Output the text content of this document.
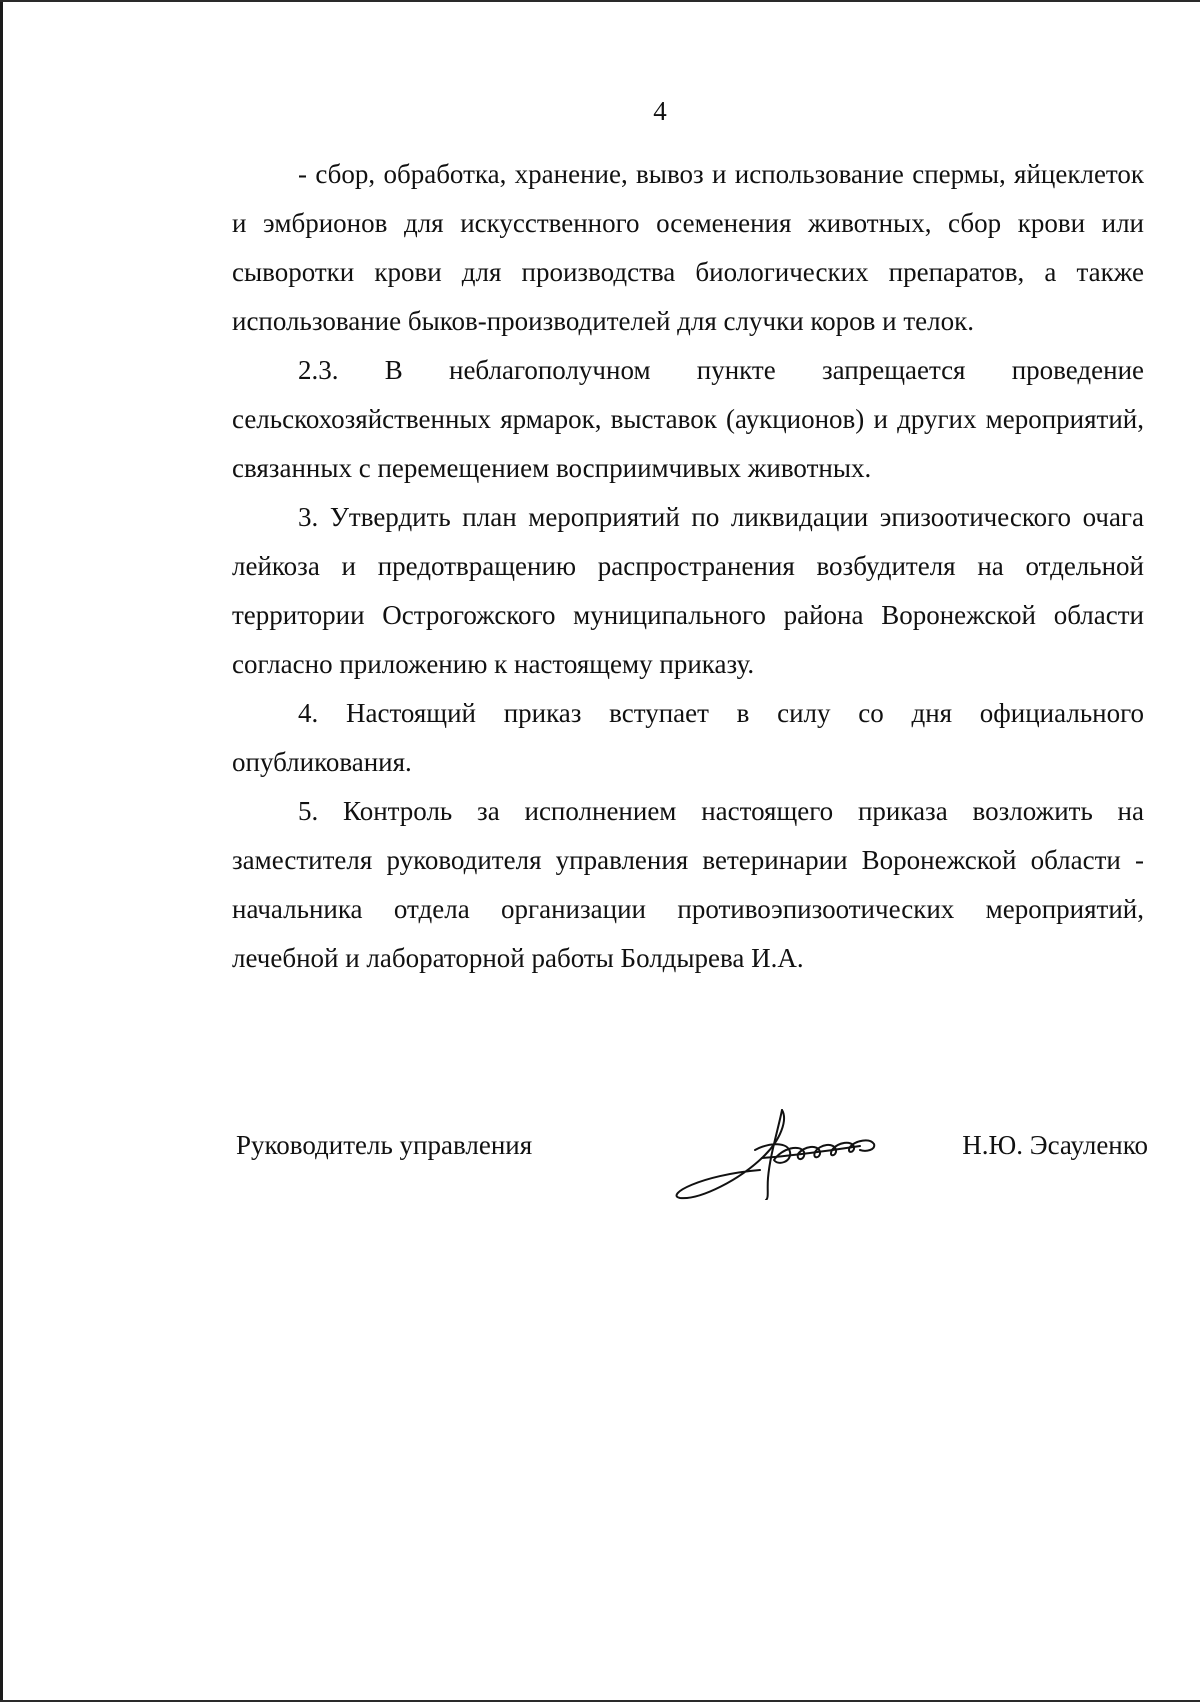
4

- сбор, обработка, хранение, вывоз и использование спермы, яйцеклеток и эмбрионов для искусственного осеменения животных, сбор крови или сыворотки крови для производства биологических препаратов, а также использование быков-производителей для случки коров и телок.

2.3. В неблагополучном пункте запрещается проведение сельскохозяйственных ярмарок, выставок (аукционов) и других мероприятий, связанных с перемещением восприимчивых животных.

3. Утвердить план мероприятий по ликвидации эпизоотического очага лейкоза и предотвращению распространения возбудителя на отдельной территории Острогожского муниципального района Воронежской области согласно приложению к настоящему приказу.

4. Настоящий приказ вступает в силу со дня официального опубликования.

5. Контроль за исполнением настоящего приказа возложить на заместителя руководителя управления ветеринарии Воронежской области - начальника отдела организации противоэпизоотических мероприятий, лечебной и лабораторной работы Болдырева И.А.

Руководитель управления	Н.Ю. Эсауленко
